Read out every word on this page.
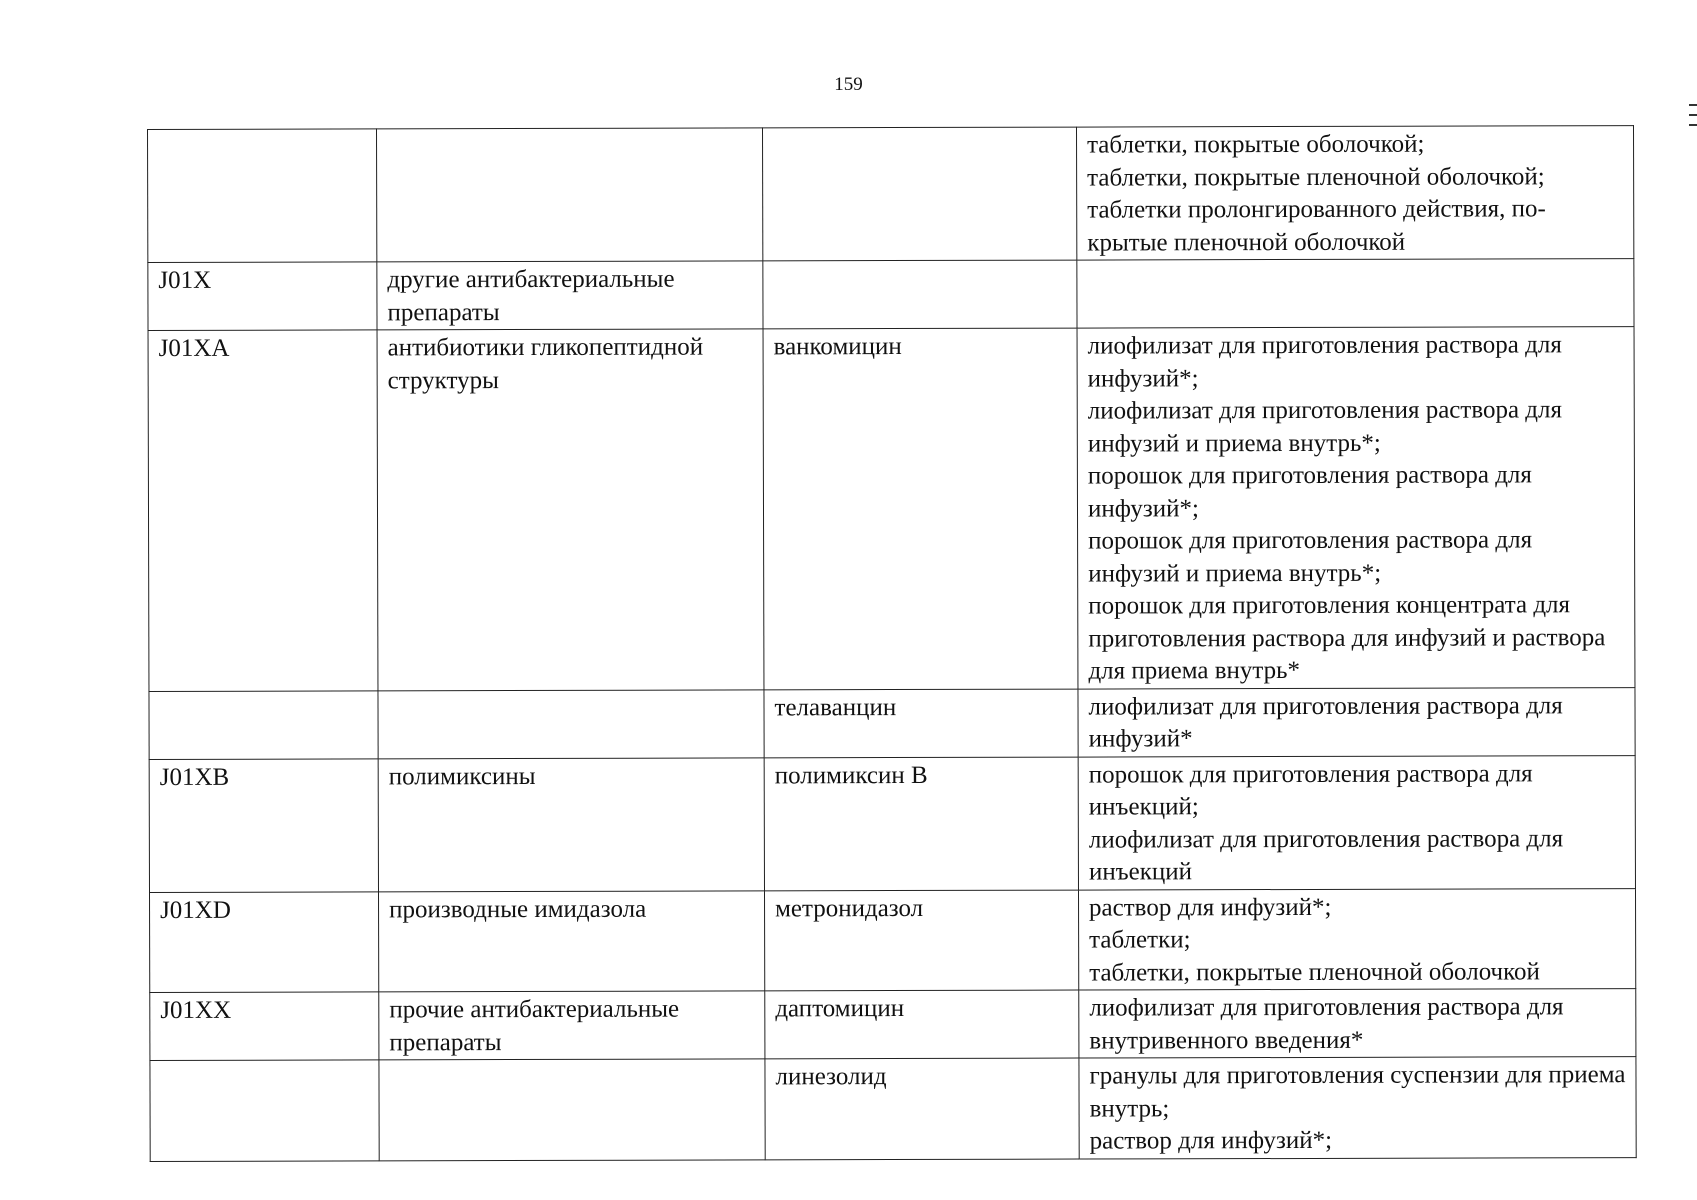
159

			таблетки, покрытые оболочкой;
таблетки, покрытые пленочной оболочкой;
таблетки пролонгированного действия, по-
крытые пленочной оболочкой

J01X	другие антибактериальные препараты		
J01XA	антибиотики гликопептидной структуры	ванкомицин	лиофилизат для приготовления раствора для инфузий*;
лиофилизат для приготовления раствора для инфузий и приема внутрь*;
порошок для приготовления раствора для инфузий*;
порошок для приготовления раствора для инфузий и приема внутрь*;
порошок для приготовления концентрата для приготовления раствора для инфузий и раствора для приема внутрь*

		телаванцин	лиофилизат для приготовления раствора для инфузий*

J01XB	полимиксины	полимиксин В	порошок для приготовления раствора для инъекций;
лиофилизат для приготовления раствора для инъекций

J01XD	производные имидазола	метронидазол	раствор для инфузий*;
таблетки;
таблетки, покрытые пленочной оболочкой

J01XX	прочие антибактериальные препараты	даптомицин	лиофилизат для приготовления раствора для внутривенного введения*

		линезолид	гранулы для приготовления суспензии для приема внутрь;
раствор для инфузий*;
